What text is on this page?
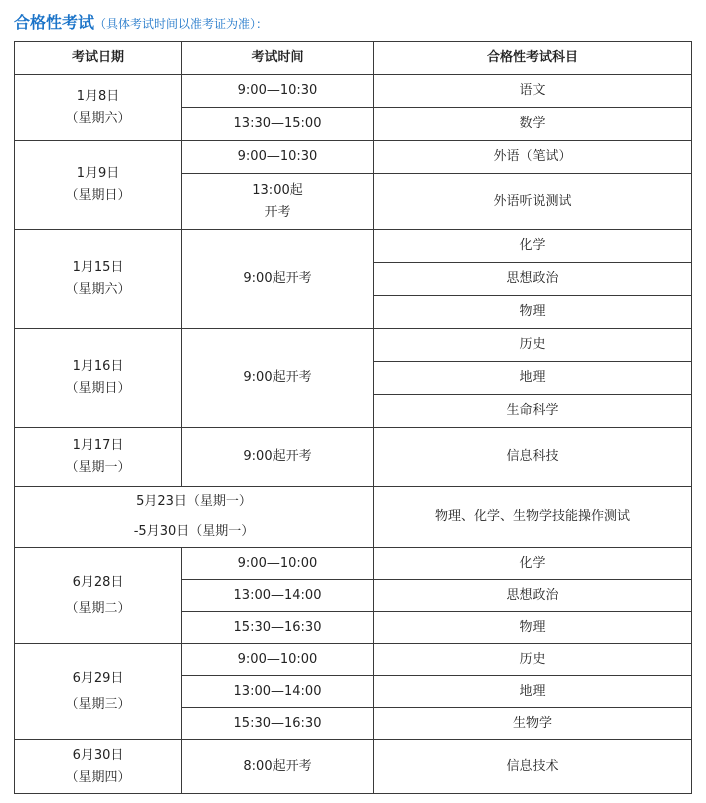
合格性考试（具体考试时间以准考证为准）：
考试日期	考试时间	合格性考试科目

1月8日
（星期六）	9:00—10:30	语文
	13:30—15:00	数学

1月9日
（星期日）	9:00—10:30	外语（笔试）

	13:00起
开考	外语听说测试

1月15日
（星期六）	9:00起开考	化学
		思想政治
		物理

1月16日
（星期日）	9:00起开考	历史
		地理
		生命科学

1月17日
（星期一）	9:00起开考	信息科技

5月23日（星期一）
-5月30日（星期一）		物理、化学、生物学技能操作测试

6月28日
（星期二）	9:00—10:00	化学
	13:00—14:00	思想政治
	15:30—16:30	物理

6月29日
（星期三）	9:00—10:00	历史
	13:00—14:00	地理
	15:30—16:30	生物学

6月30日
（星期四）	8:00起开考	信息技术
